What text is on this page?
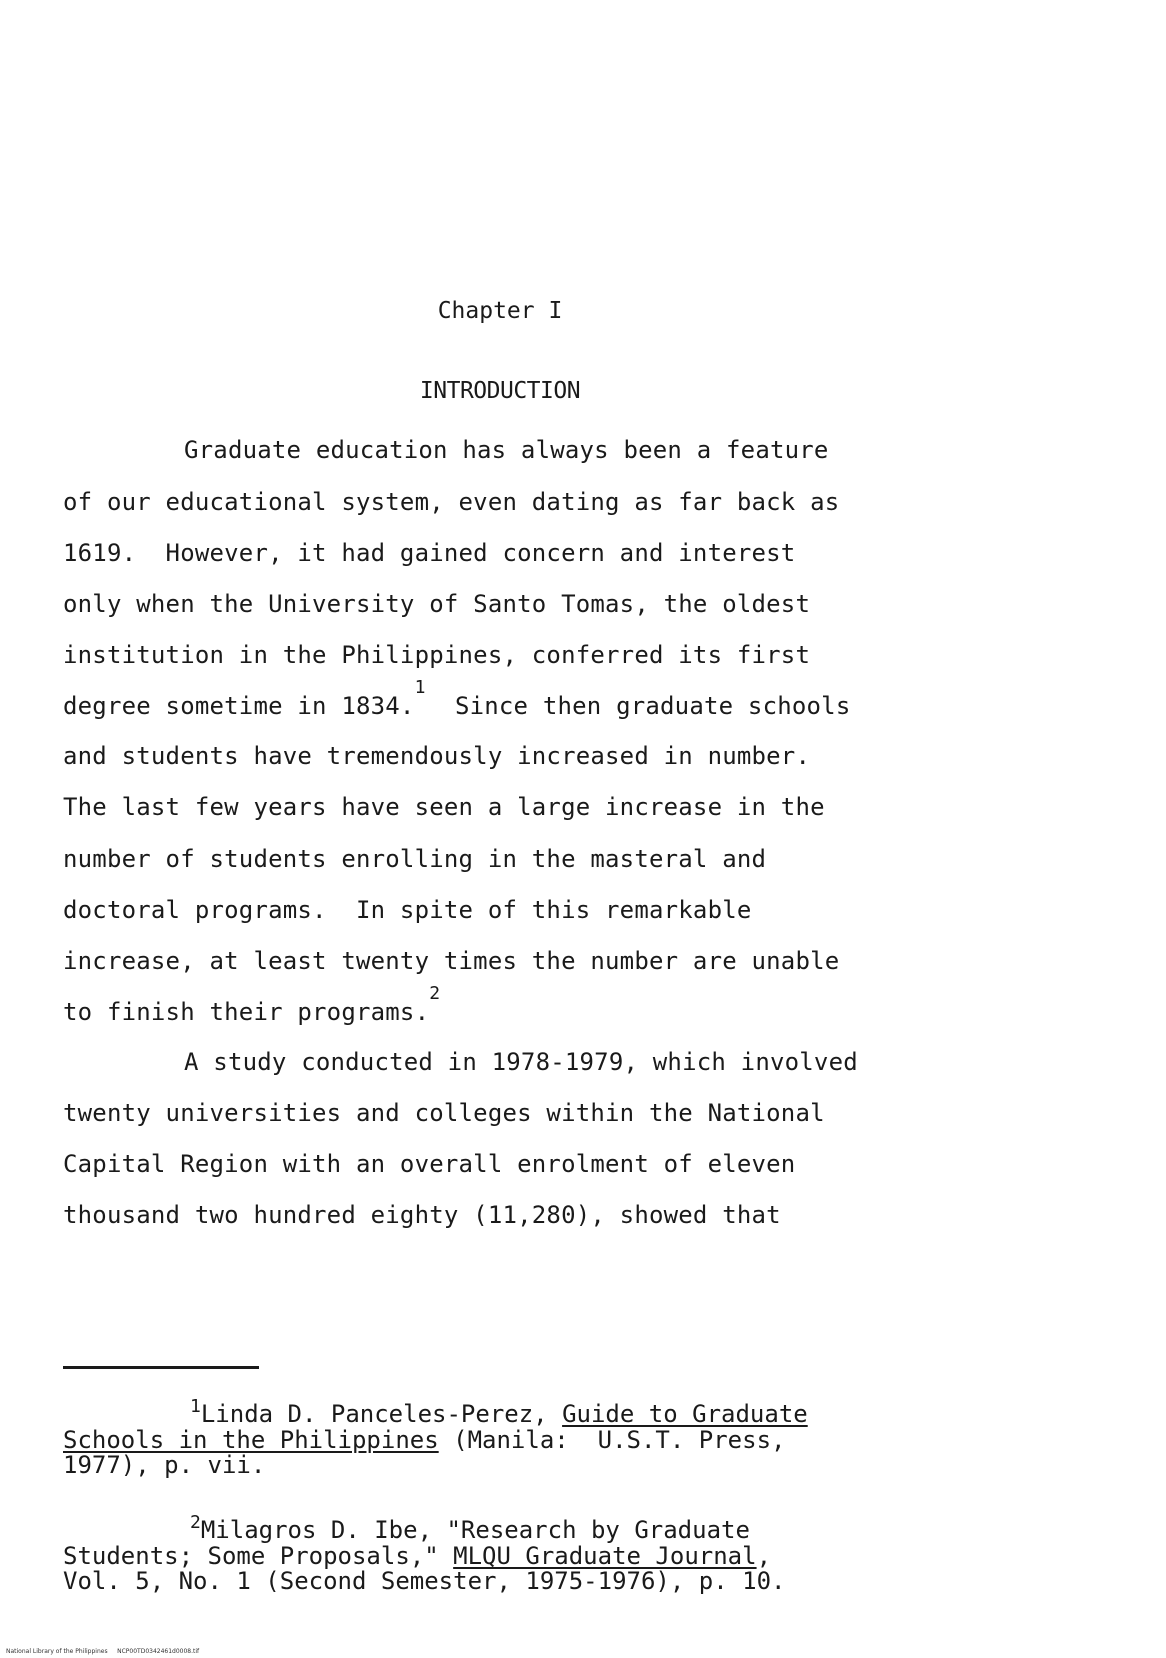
Chapter I
INTRODUCTION
Graduate education has always been a feature
of our educational system, even dating as far back as
1619.  However, it had gained concern and interest
only when the University of Santo Tomas, the oldest
institution in the Philippines, conferred its first
degree sometime in 1834.$^1$  Since then graduate schools
and students have tremendously increased in number.
The last few years have seen a large increase in the
number of students enrolling in the masteral and
doctoral programs.  In spite of this remarkable
increase, at least twenty times the number are unable
to finish their programs.$^2$
A study conducted in 1978-1979, which involved
twenty universities and colleges within the National
Capital Region with an overall enrolment of eleven
thousand two hundred eighty (11,280), showed that
$^1$Linda D. Panceles-Perez, Guide to Graduate
Schools in the Philippines (Manila:  U.S.T. Press,
1977), p. vii.
$^2$Milagros D. Ibe, "Research by Graduate
Students; Some Proposals," MLQU Graduate Journal,
Vol. 5, No. 1 (Second Semester, 1975-1976), p. 10.
National Library of the Philippines     NCP00TD0342461d0008.tif
